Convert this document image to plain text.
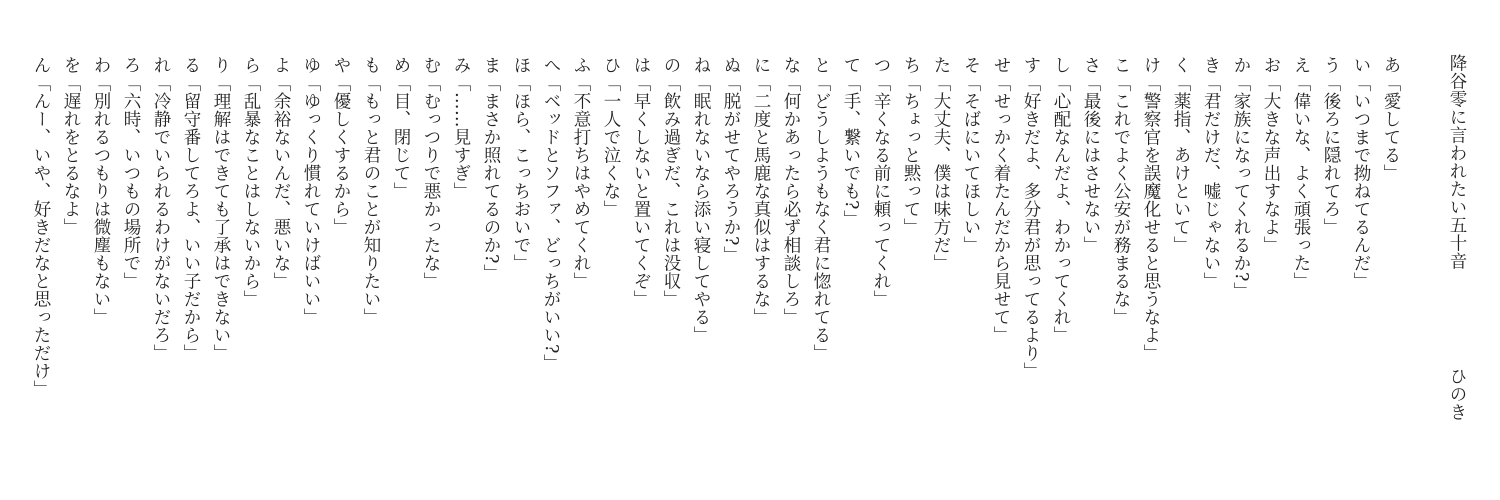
降谷零に言われたい五十音
あ「愛してる」
い「いつまで拗ねてるんだ」
う「後ろに隠れてろ」
え「偉いな、よく頑張った」
お「大きな声出すなよ」
か「家族になってくれるか?」
き「君だけだ、嘘じゃない」
く「薬指、あけといて」
け「警察官を誤魔化せると思うなよ」
こ「これでよく公安が務まるな」
さ「最後にはさせない」
し「心配なんだよ、わかってくれ」
す「好きだよ、多分君が思ってるより」
せ「せっかく着たんだから見せて」
そ「そばにいてほしい」
た「大丈夫、僕は味方だ」
ち「ちょっと黙って」
つ「辛くなる前に頼ってくれ」
て「手、繋いでも?」
と「どうしようもなく君に惚れてる」
な「何かあったら必ず相談しろ」
に「二度と馬鹿な真似はするな」
ぬ「脱がせてやろうか?」
ね「眠れないなら添い寝してやる」
の「飲み過ぎだ、これは没収」
は「早くしないと置いてくぞ」
ひ「一人で泣くな」
ふ「不意打ちはやめてくれ」
へ「ベッドとソファ、どっちがいい?」
ほ「ほら、こっちおいで」
ま「まさか照れてるのか?」
み「……見すぎ」
む「むっつりで悪かったな」
め「目、閉じて」
も「もっと君のことが知りたい」
や「優しくするから」
ゆ「ゆっくり慣れていけばいい」
よ「余裕ないんだ、悪いな」
ら「乱暴なことはしないから」
り「理解はできても了承はできない」
る「留守番してろよ、いい子だから」
れ「冷静でいられるわけがないだろ」
ろ「六時、いつもの場所で」
わ「別れるつもりは微塵もない」
を「遅れをとるなよ」
ん「んー、いや、好きだなと思っただけ」	ひのき
